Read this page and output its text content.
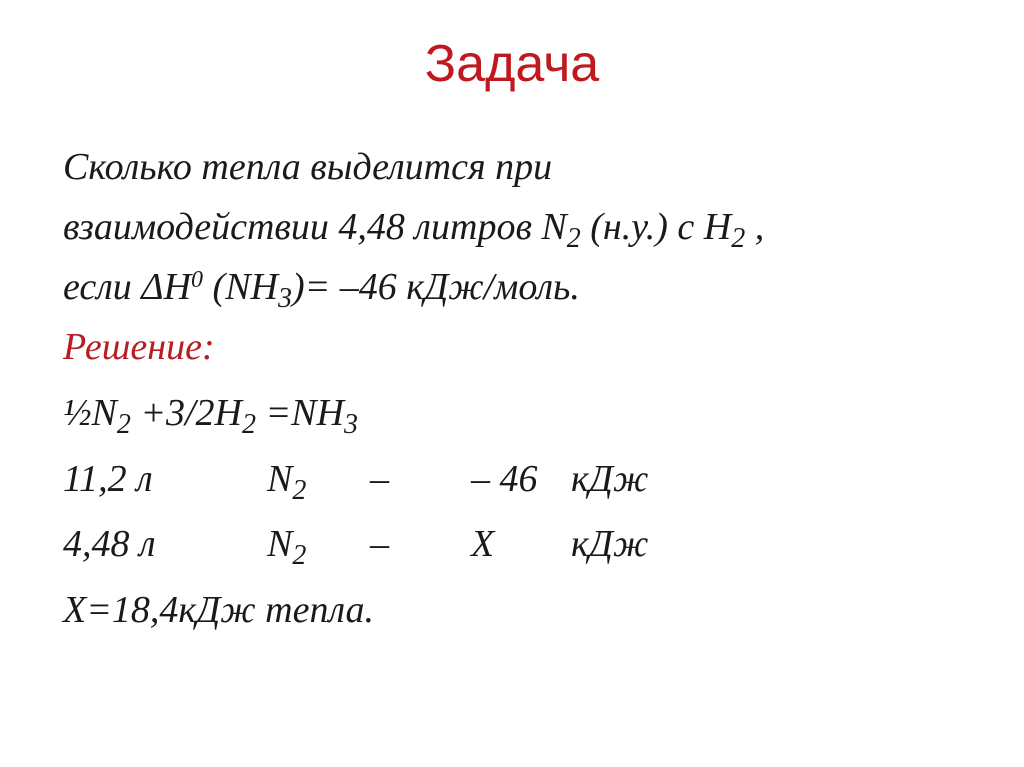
Задача
Сколько тепла выделится при
взаимодействии 4,48 литров $N_2$ (н.у.) с $H_2$ ,
если $\Delta H^0$ $(NH_3)= -46$ кДж/моль.
Решение:
$\frac{1}{2}N_2 +3/2H_2 =NH_3$
11,2 л	$N_2$ – – 46 кДж
4,48 л	$N_2$ – X кДж
X=18,4кДж тепла.
